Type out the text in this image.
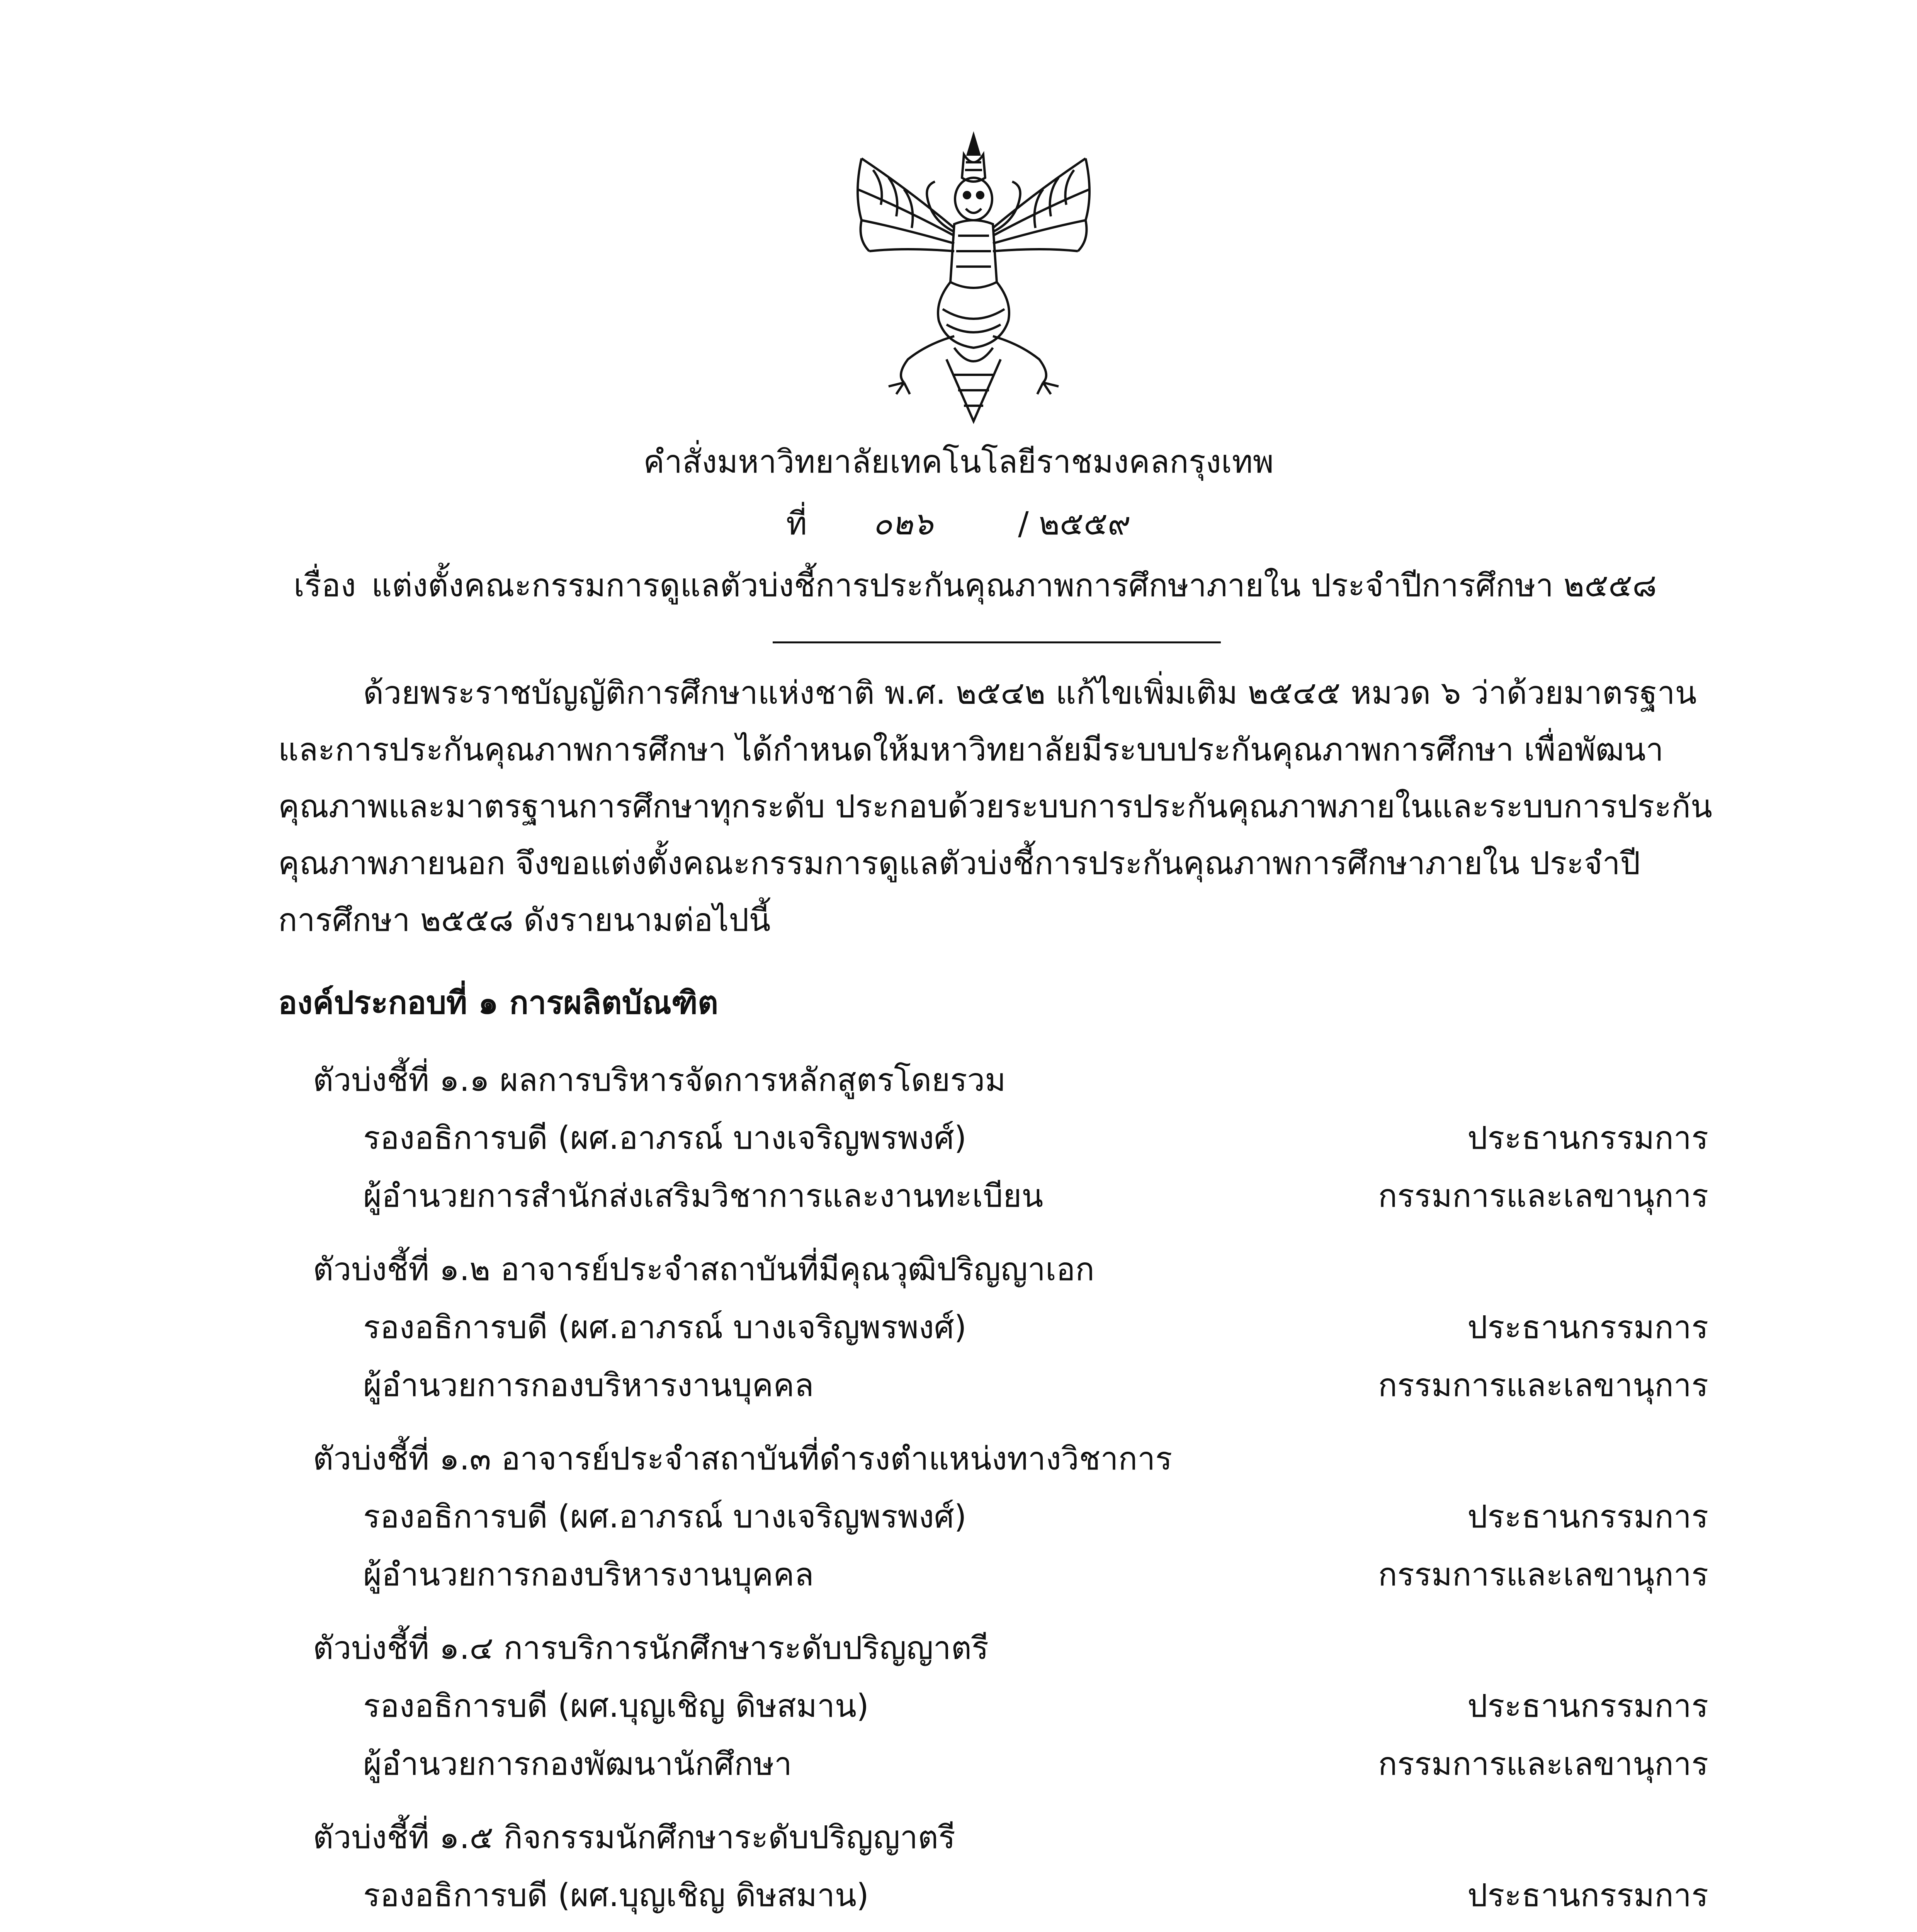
คำสั่งมหาวิทยาลัยเทคโนโลยีราชมงคลกรุงเทพ
ที่ ๐๒๖	/ ๒๕๕๙
เรื่อง แต่งตั้งคณะกรรมการดูแลตัวบ่งชี้การประกันคุณภาพการศึกษาภายใน ประจำปีการศึกษา ๒๕๕๘
ด้วยพระราชบัญญัติการศึกษาแห่งชาติ พ.ศ. ๒๕๔๒ แก้ไขเพิ่มเติม ๒๕๔๕ หมวด ๖ ว่าด้วยมาตรฐาน
และการประกันคุณภาพการศึกษา ได้กำหนดให้มหาวิทยาลัยมีระบบประกันคุณภาพการศึกษา เพื่อพัฒนา
คุณภาพและมาตรฐานการศึกษาทุกระดับ ประกอบด้วยระบบการประกันคุณภาพภายในและระบบการประกัน
คุณภาพภายนอก จึงขอแต่งตั้งคณะกรรมการดูแลตัวบ่งชี้การประกันคุณภาพการศึกษาภายใน ประจำปี
การศึกษา ๒๕๕๘ ดังรายนามต่อไปนี้
องค์ประกอบที่ ๑ การผลิตบัณฑิต
ตัวบ่งชี้ที่ ๑.๑ ผลการบริหารจัดการหลักสูตรโดยรวม
รองอธิการบดี (ผศ.อาภรณ์ บางเจริญพรพงศ์)	ประธานกรรมการ
ผู้อำนวยการสำนักส่งเสริมวิชาการและงานทะเบียน	กรรมการและเลขานุการ
ตัวบ่งชี้ที่ ๑.๒ อาจารย์ประจำสถาบันที่มีคุณวุฒิปริญญาเอก
รองอธิการบดี (ผศ.อาภรณ์ บางเจริญพรพงศ์)	ประธานกรรมการ
ผู้อำนวยการกองบริหารงานบุคคล	กรรมการและเลขานุการ
ตัวบ่งชี้ที่ ๑.๓ อาจารย์ประจำสถาบันที่ดำรงตำแหน่งทางวิชาการ
รองอธิการบดี (ผศ.อาภรณ์ บางเจริญพรพงศ์)	ประธานกรรมการ
ผู้อำนวยการกองบริหารงานบุคคล	กรรมการและเลขานุการ
ตัวบ่งชี้ที่ ๑.๔ การบริการนักศึกษาระดับปริญญาตรี
รองอธิการบดี (ผศ.บุญเชิญ ดิษสมาน)	ประธานกรรมการ
ผู้อำนวยการกองพัฒนานักศึกษา	กรรมการและเลขานุการ
ตัวบ่งชี้ที่ ๑.๕ กิจกรรมนักศึกษาระดับปริญญาตรี
รองอธิการบดี (ผศ.บุญเชิญ ดิษสมาน)	ประธานกรรมการ
